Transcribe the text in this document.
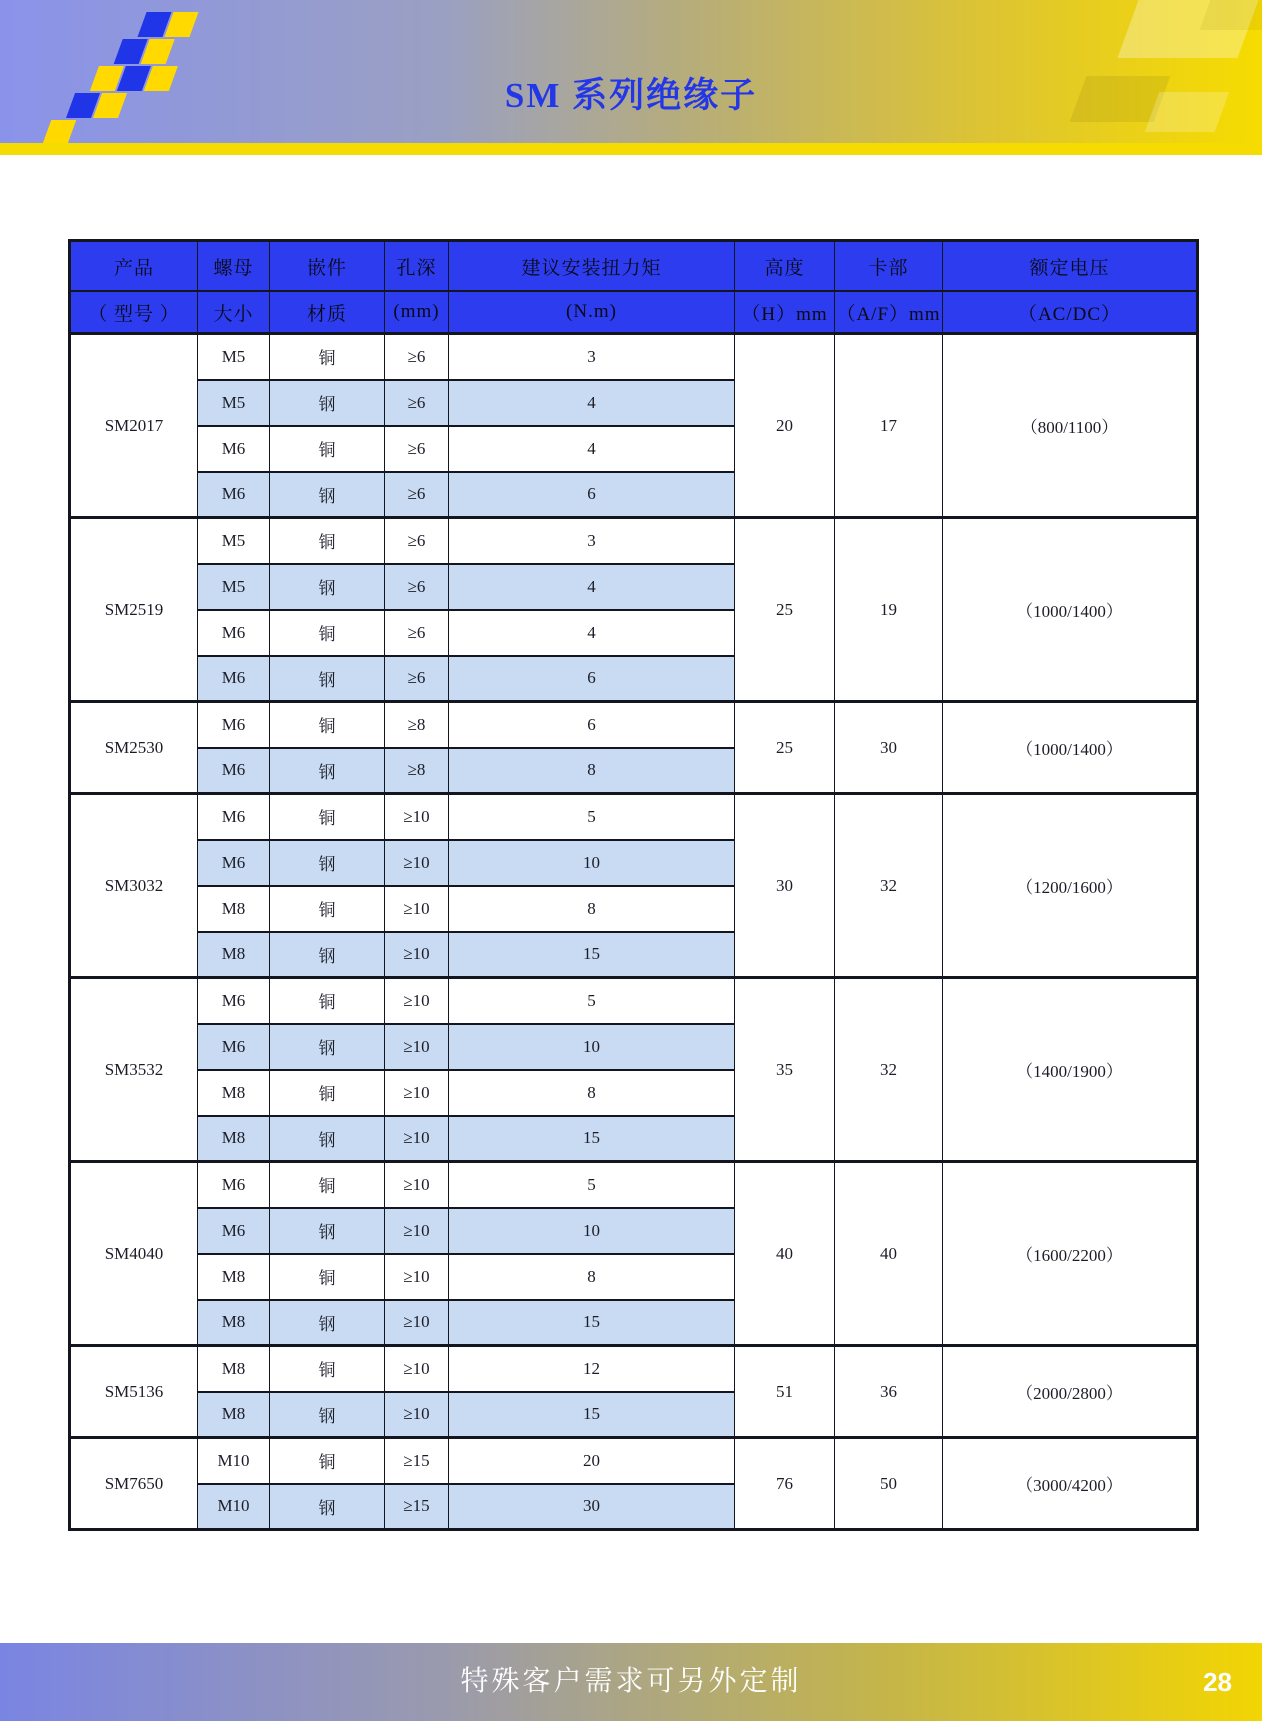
SM 系列绝缘子
产品	螺母	嵌件	孔深	建议安装扭力矩	高度	卡部	额定电压
（ 型号 ）	大小	材质	(mm)	(N.m)	（H）mm	（A/F）mm	（AC/DC）
SM2017	M5	铜	≥6	3	20	17	（800/1100）
	M5	钢	≥6	4			
	M6	铜	≥6	4			
	M6	钢	≥6	6			
SM2519	M5	铜	≥6	3	25	19	（1000/1400）
	M5	钢	≥6	4			
	M6	铜	≥6	4			
	M6	钢	≥6	6			
SM2530	M6	铜	≥8	6	25	30	（1000/1400）
	M6	钢	≥8	8			
SM3032	M6	铜	≥10	5	30	32	（1200/1600）
	M6	钢	≥10	10			
	M8	铜	≥10	8			
	M8	钢	≥10	15			
SM3532	M6	铜	≥10	5	35	32	（1400/1900）
	M6	钢	≥10	10			
	M8	铜	≥10	8			
	M8	钢	≥10	15			
SM4040	M6	铜	≥10	5	40	40	（1600/2200）
	M6	钢	≥10	10			
	M8	铜	≥10	8			
	M8	钢	≥10	15			
SM5136	M8	铜	≥10	12	51	36	（2000/2800）
	M8	钢	≥10	15			
SM7650	M10	铜	≥15	20	76	50	（3000/4200）
	M10	钢	≥15	30			
特殊客户需求可另外定制	28
